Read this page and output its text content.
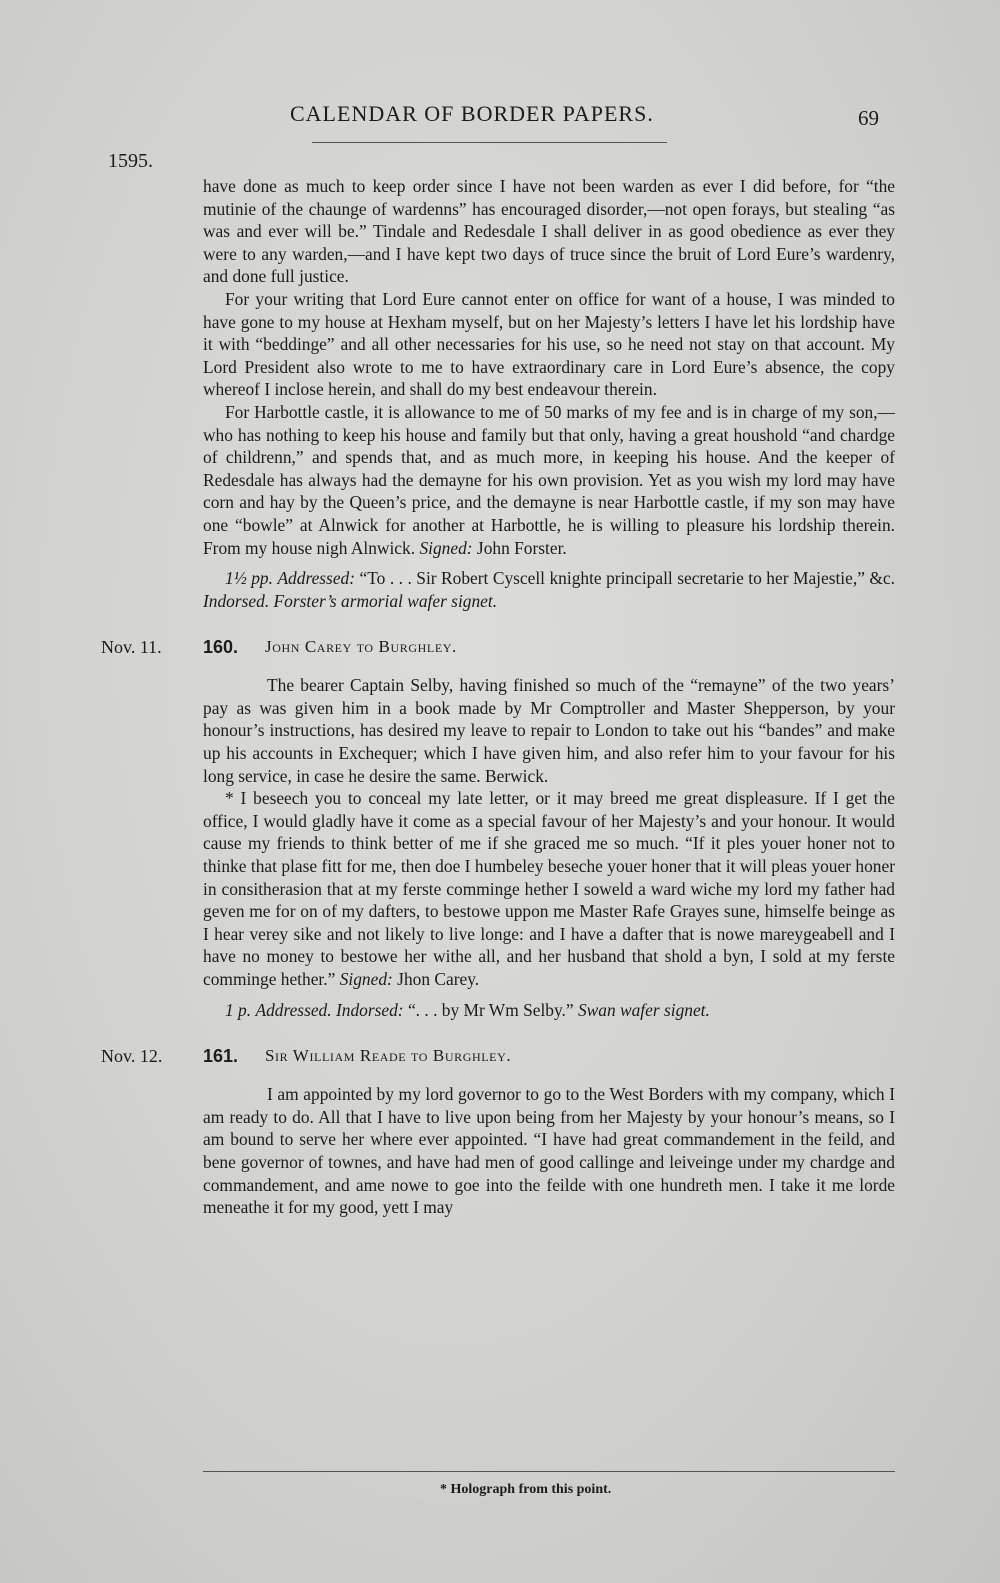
CALENDAR OF BORDER PAPERS.	69
1595.

have done as much to keep order since I have not been warden as ever I did before, for “the mutinie of the chaunge of wardenns” has encouraged disorder,—not open forays, but stealing “as was and ever will be.” Tindale and Redesdale I shall deliver in as good obedience as ever they were to any warden,—and I have kept two days of truce since the bruit of Lord Eure’s wardenry, and done full justice.

For your writing that Lord Eure cannot enter on office for want of a house, I was minded to have gone to my house at Hexham myself, but on her Majesty’s letters I have let his lordship have it with “beddinge” and all other necessaries for his use, so he need not stay on that account. My Lord President also wrote to me to have extraordinary care in Lord Eure’s absence, the copy whereof I inclose herein, and shall do my best endeavour therein.

For Harbottle castle, it is allowance to me of 50 marks of my fee and is in charge of my son,—who has nothing to keep his house and family but that only, having a great houshold “and chardge of childrenn,” and spends that, and as much more, in keeping his house. And the keeper of Redesdale has always had the demayne for his own provision. Yet as you wish my lord may have corn and hay by the Queen’s price, and the demayne is near Harbottle castle, if my son may have one “bowle” at Alnwick for another at Harbottle, he is willing to pleasure his lordship therein. From my house nigh Alnwick. Signed: John Forster.

1½ pp. Addressed: “To . . . Sir Robert Cyscell knighte principall secretarie to her Majestie,” &c. Indorsed. Forster’s armorial wafer signet.

Nov. 11. 160. John Carey to Burghley.

The bearer Captain Selby, having finished so much of the “remayne” of the two years’ pay as was given him in a book made by Mr Comptroller and Master Shepperson, by your honour’s instructions, has desired my leave to repair to London to take out his “bandes” and make up his accounts in Exchequer; which I have given him, and also refer him to your favour for his long service, in case he desire the same. Berwick.

* I beseech you to conceal my late letter, or it may breed me great displeasure. If I get the office, I would gladly have it come as a special favour of her Majesty’s and your honour. It would cause my friends to think better of me if she graced me so much. “If it ples youer honer not to thinke that plase fitt for me, then doe I humbeley beseche youer honer that it will pleas youer honer in consitherasion that at my ferste comminge hether I soweld a ward wiche my lord my father had geven me for on of my dafters, to bestowe uppon me Master Rafe Grayes sune, himselfe beinge as I hear verey sike and not likely to live longe: and I have a dafter that is nowe mareygeabell and I have no money to bestowe her withe all, and her husband that shold a byn, I sold at my ferste comminge hether.” Signed: Jhon Carey.

1 p. Addressed. Indorsed: “. . . by Mr Wm Selby.” Swan wafer signet.

Nov. 12. 161. Sir William Reade to Burghley.

I am appointed by my lord governor to go to the West Borders with my company, which I am ready to do. All that I have to live upon being from her Majesty by your honour’s means, so I am bound to serve her where ever appointed. “I have had great commandement in the feild, and bene governor of townes, and have had men of good callinge and leiveinge under my chardge and commandement, and ame nowe to goe into the feilde with one hundreth men. I take it me lorde meneathe it for my good, yett I may

* Holograph from this point.
